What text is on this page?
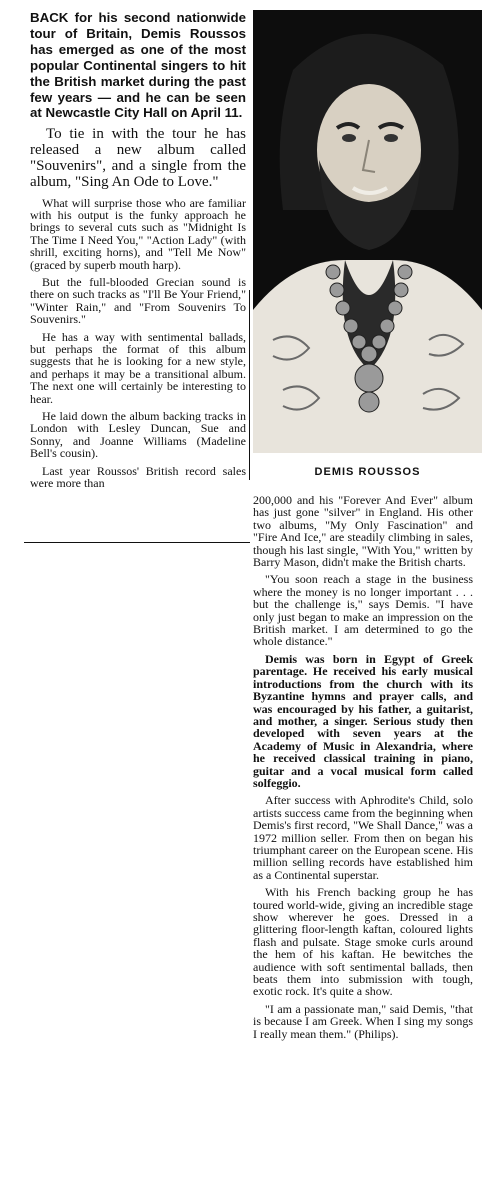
BACK for his second nationwide tour of Britain, Demis Roussos has emerged as one of the most popular Continental singers to hit the British market during the past few years — and he can be seen at Newcastle City Hall on April 11.

To tie in with the tour he has released a new album called "Souvenirs", and a single from the album, "Sing An Ode to Love."

What will surprise those who are familiar with his output is the funky approach he brings to several cuts such as "Midnight Is The Time I Need You," "Action Lady" (with shrill, exciting horns), and "Tell Me Now" (graced by superb mouth harp).

But the full-blooded Grecian sound is there on such tracks as "I'll Be Your Friend," "Winter Rain," and "From Souvenirs To Souvenirs."

He has a way with sentimental ballads, but perhaps the format of this album suggests that he is looking for a new style, and perhaps it may be a transitional album. The next one will certainly be interesting to hear.

He laid down the album backing tracks in London with Lesley Duncan, Sue and Sonny, and Joanne Williams (Madeline Bell's cousin).

Last year Roussos' British record sales were more than

DEMIS ROUSSOS

200,000 and his "Forever And Ever" album has just gone "silver" in England. His other two albums, "My Only Fascination" and "Fire And Ice," are steadily climbing in sales, though his last single, "With You," written by Barry Mason, didn't make the British charts.

"You soon reach a stage in the business where the money is no longer important . . . but the challenge is," says Demis. "I have only just began to make an impression on the British market. I am determined to go the whole distance."

Demis was born in Egypt of Greek parentage. He received his early musical introductions from the church with its Byzantine hymns and prayer calls, and was encouraged by his father, a guitarist, and mother, a singer. Serious study then developed with seven years at the Academy of Music in Alexandria, where he received classical training in piano, guitar and a vocal musical form called solfeggio.

After success with Aphrodite's Child, solo artists success came from the beginning when Demis's first record, "We Shall Dance," was a 1972 million seller. From then on began his triumphant career on the European scene. His million selling records have established him as a Continental superstar.

With his French backing group he has toured world-wide, giving an incredible stage show wherever he goes. Dressed in a glittering floor-length kaftan, coloured lights flash and pulsate. Stage smoke curls around the hem of his kaftan. He bewitches the audience with soft sentimental ballads, then beats them into submission with tough, exotic rock. It's quite a show.

"I am a passionate man," said Demis, "that is because I am Greek. When I sing my songs I really mean them." (Philips).
